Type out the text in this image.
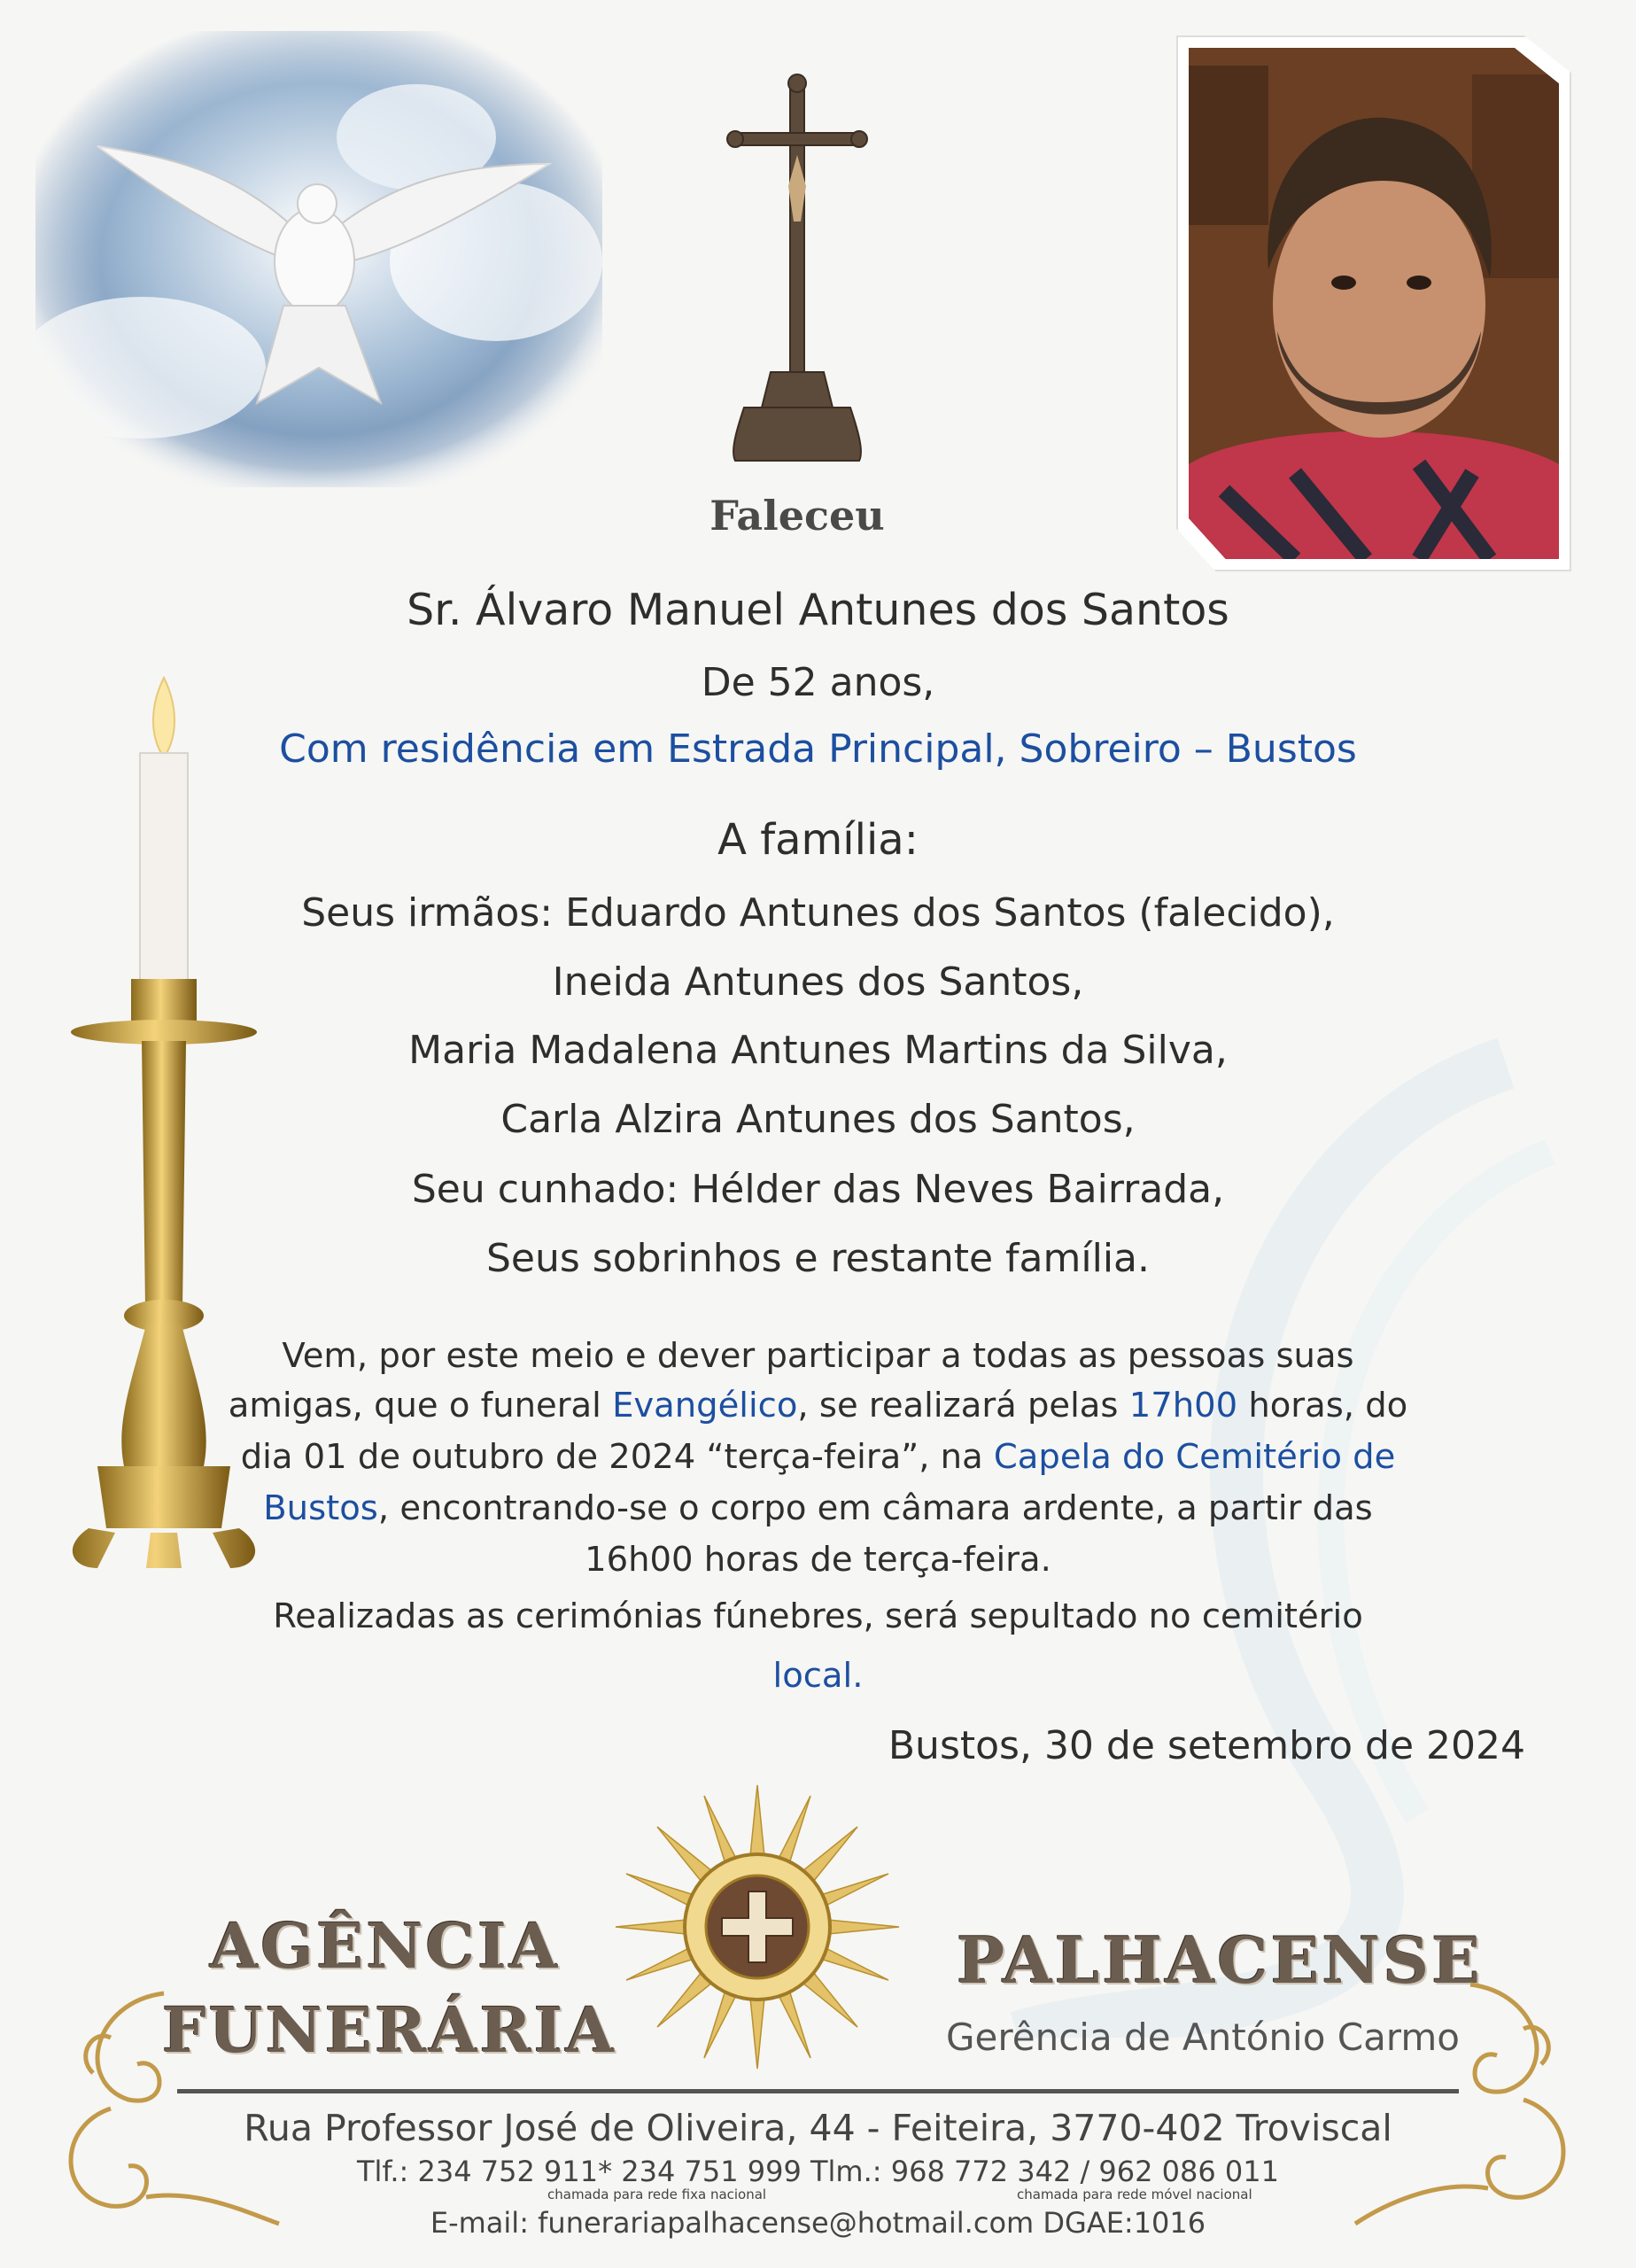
Faleceu
Sr. Álvaro Manuel Antunes dos Santos
De 52 anos,
Com residência em Estrada Principal, Sobreiro – Bustos
A família:
Seus irmãos: Eduardo Antunes dos Santos (falecido),
Ineida Antunes dos Santos,
Maria Madalena Antunes Martins da Silva,
Carla Alzira Antunes dos Santos,
Seu cunhado: Hélder das Neves Bairrada,
Seus sobrinhos e restante família.
Vem, por este meio e dever participar a todas as pessoas suas
amigas, que o funeral Evangélico, se realizará pelas 17h00 horas, do
dia 01 de outubro de 2024 “terça-feira”, na Capela do Cemitério de
Bustos, encontrando-se o corpo em câmara ardente, a partir das
16h00 horas de terça-feira.
Realizadas as cerimónias fúnebres, será sepultado no cemitério
local.
Bustos, 30 de setembro de 2024
AGÊNCIA
FUNERÁRIA
PALHACENSE
Gerência de António Carmo
Rua Professor José de Oliveira, 44 - Feiteira, 3770-402 Troviscal
Tlf.: 234 752 911* 234 751 999 Tlm.: 968 772 342 / 962 086 011
chamada para rede fixa nacional	chamada para rede móvel nacional
E-mail: funerariapalhacense@hotmail.com DGAE:1016
